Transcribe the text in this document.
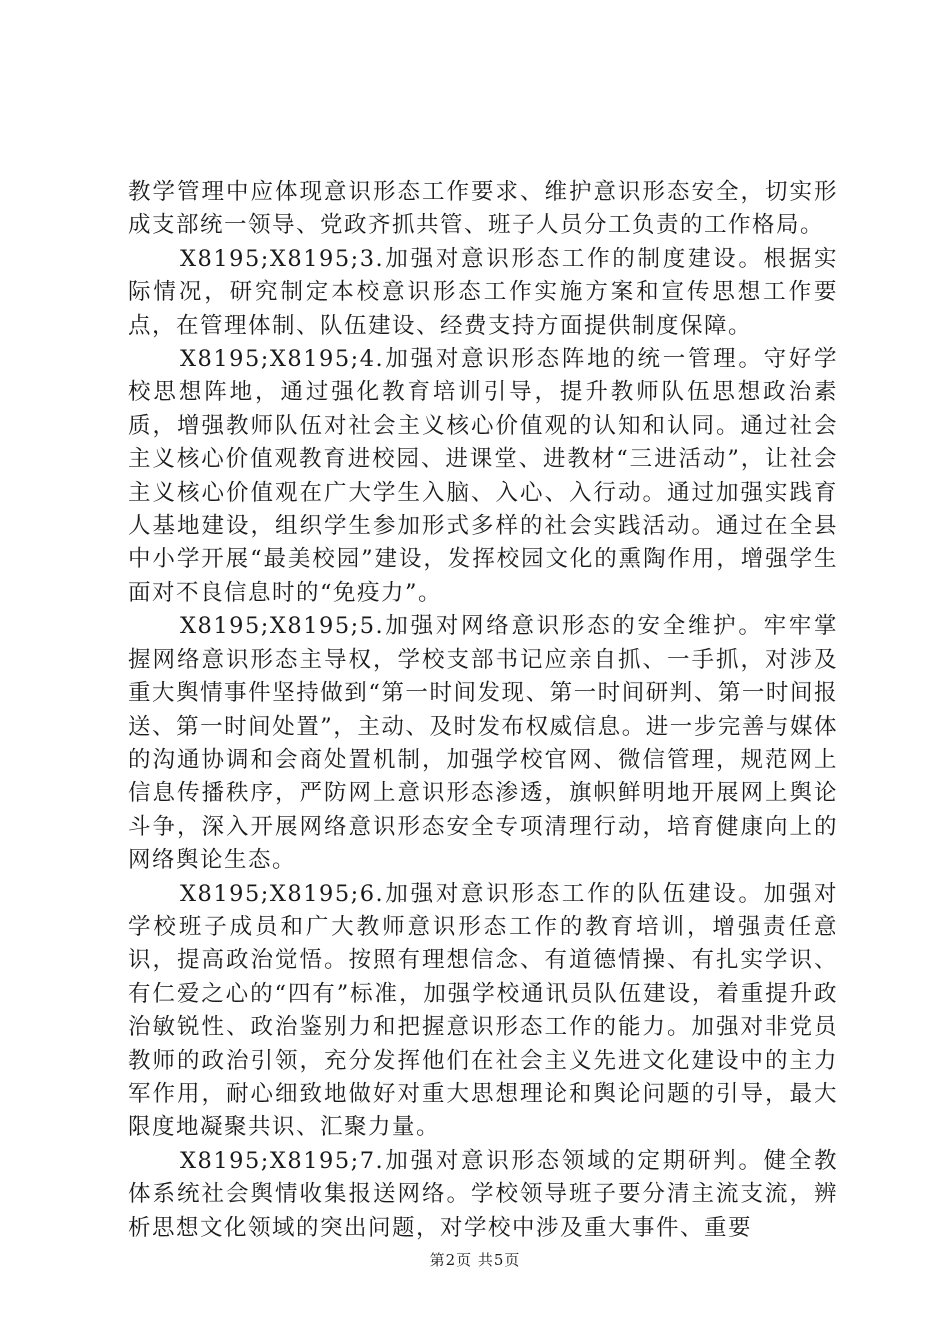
教学管理中应体现意识形态工作要求、维护意识形态安全，切实形成支部统一领导、党政齐抓共管、班子人员分工负责的工作格局。

X8195;X8195;3.加强对意识形态工作的制度建设。根据实际情况，研究制定本校意识形态工作实施方案和宣传思想工作要点，在管理体制、队伍建设、经费支持方面提供制度保障。

X8195;X8195;4.加强对意识形态阵地的统一管理。守好学校思想阵地，通过强化教育培训引导，提升教师队伍思想政治素质，增强教师队伍对社会主义核心价值观的认知和认同。通过社会主义核心价值观教育进校园、进课堂、进教材“三进活动”，让社会主义核心价值观在广大学生入脑、入心、入行动。通过加强实践育人基地建设，组织学生参加形式多样的社会实践活动。通过在全县中小学开展“最美校园”建设，发挥校园文化的熏陶作用，增强学生面对不良信息时的“免疫力”。

X8195;X8195;5.加强对网络意识形态的安全维护。牢牢掌握网络意识形态主导权，学校支部书记应亲自抓、一手抓，对涉及重大舆情事件坚持做到“第一时间发现、第一时间研判、第一时间报送、第一时间处置”，主动、及时发布权威信息。进一步完善与媒体的沟通协调和会商处置机制，加强学校官网、微信管理，规范网上信息传播秩序，严防网上意识形态渗透，旗帜鲜明地开展网上舆论斗争，深入开展网络意识形态安全专项清理行动，培育健康向上的网络舆论生态。

X8195;X8195;6.加强对意识形态工作的队伍建设。加强对学校班子成员和广大教师意识形态工作的教育培训，增强责任意识，提高政治觉悟。按照有理想信念、有道德情操、有扎实学识、有仁爱之心的“四有”标准，加强学校通讯员队伍建设，着重提升政治敏锐性、政治鉴别力和把握意识形态工作的能力。加强对非党员教师的政治引领，充分发挥他们在社会主义先进文化建设中的主力军作用，耐心细致地做好对重大思想理论和舆论问题的引导，最大限度地凝聚共识、汇聚力量。

X8195;X8195;7.加强对意识形态领域的定期研判。健全教体系统社会舆情收集报送网络。学校领导班子要分清主流支流，辨析思想文化领域的突出问题，对学校中涉及重大事件、重要

第2页 共5页
